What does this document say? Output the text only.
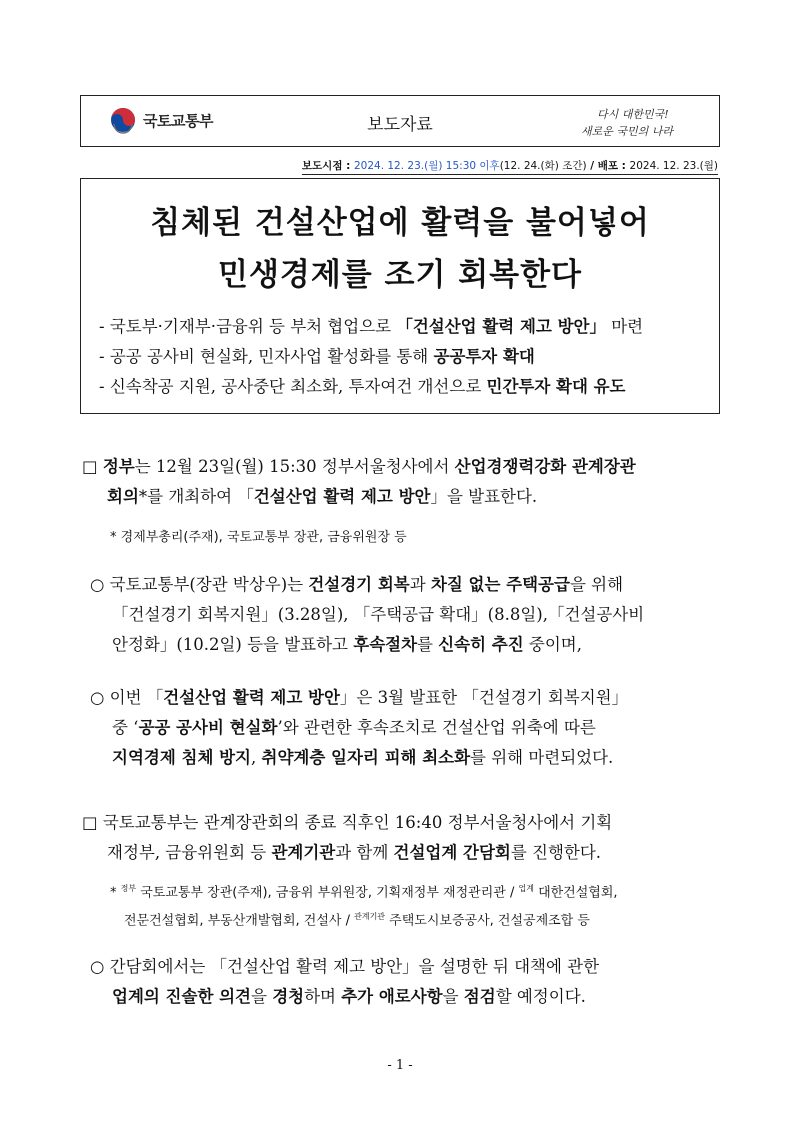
국토교통부	보도자료
다시 대한민국!
새로운 국민의 나라
보도시점 : 2024. 12. 23.(월) 15:30 이후(12. 24.(화) 조간) / 배포 : 2024. 12. 23.(월)
침체된 건설산업에 활력을 불어넣어
민생경제를 조기 회복한다
- 국토부·기재부·금융위 등 부처 협업으로 「건설산업 활력 제고 방안」 마련
- 공공 공사비 현실화, 민자사업 활성화를 통해 공공투자 확대
- 신속착공 지원, 공사중단 최소화, 투자여건 개선으로 민간투자 확대 유도
□ 정부는 12월 23일(월) 15:30 정부서울청사에서 산업경쟁력강화 관계장관
회의*를 개최하여 「건설산업 활력 제고 방안」을 발표한다.
* 경제부총리(주재), 국토교통부 장관, 금융위원장 등
○ 국토교통부(장관 박상우)는 건설경기 회복과 차질 없는 주택공급을 위해
「건설경기 회복지원」(3.28일), 「주택공급 확대」(8.8일),「건설공사비
안정화」(10.2일) 등을 발표하고 후속절차를 신속히 추진 중이며,
○ 이번 「건설산업 활력 제고 방안」은 3월 발표한 「건설경기 회복지원」
중 ‘공공 공사비 현실화’와 관련한 후속조치로 건설산업 위축에 따른
지역경제 침체 방지, 취약계층 일자리 피해 최소화를 위해 마련되었다.
□ 국토교통부는 관계장관회의 종료 직후인 16:40 정부서울청사에서 기획
재정부, 금융위원회 등 관계기관과 함께 건설업계 간담회를 진행한다.
* $^{정부}$ 국토교통부 장관(주재), 금융위 부위원장, 기획재정부 재정관리관 / $^{업계}$ 대한건설협회,
전문건설협회, 부동산개발협회, 건설사 / $^{관계기관}$ 주택도시보증공사, 건설공제조합 등
○ 간담회에서는 「건설산업 활력 제고 방안」을 설명한 뒤 대책에 관한
업계의 진솔한 의견을 경청하며 추가 애로사항을 점검할 예정이다.
- 1 -
